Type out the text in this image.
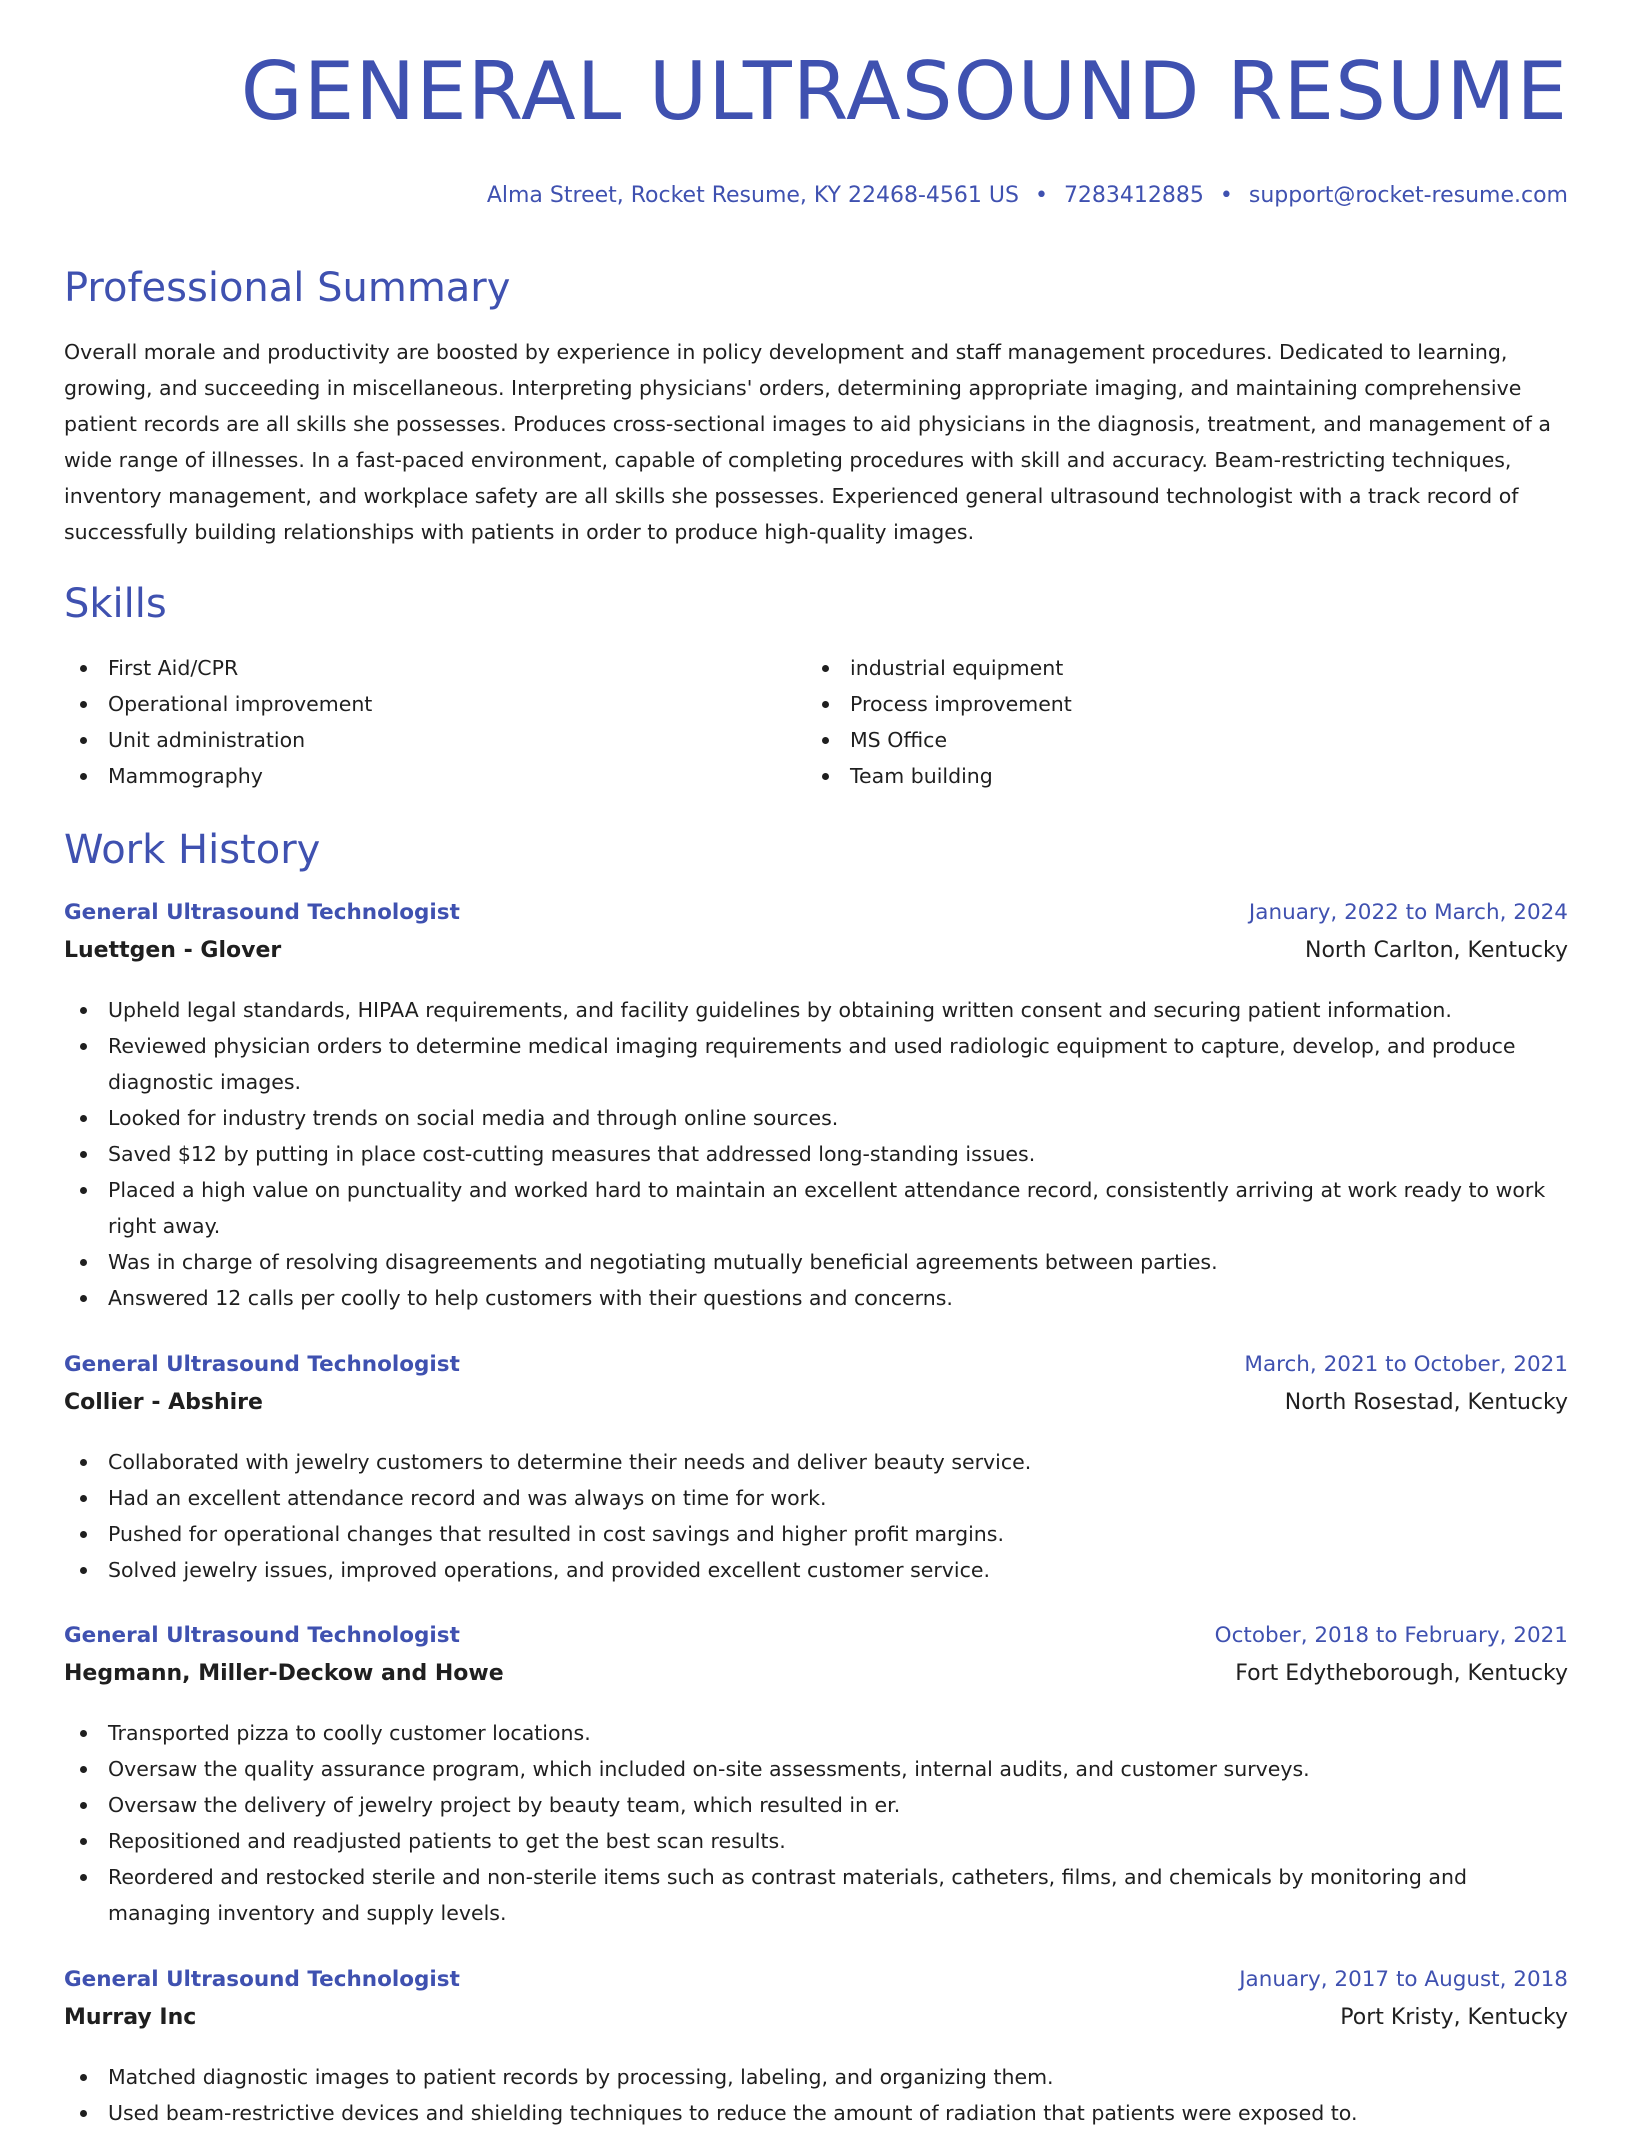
GENERAL ULTRASOUND RESUME
Alma Street, Rocket Resume, KY 22468-4561 US • 7283412885 • support@rocket-resume.com
Professional Summary

Overall morale and productivity are boosted by experience in policy development and staff management procedures. Dedicated to learning, growing, and succeeding in miscellaneous. Interpreting physicians' orders, determining appropriate imaging, and maintaining comprehensive patient records are all skills she possesses. Produces cross-sectional images to aid physicians in the diagnosis, treatment, and management of a wide range of illnesses. In a fast-paced environment, capable of completing procedures with skill and accuracy. Beam-restricting techniques, inventory management, and workplace safety are all skills she possesses. Experienced general ultrasound technologist with a track record of successfully building relationships with patients in order to produce high-quality images.

Skills
First Aid/CPR
Operational improvement
Unit administration
Mammography
industrial equipment
Process improvement
MS Office
Team building
Work History
General Ultrasound Technologist	January, 2022 to March, 2024
Luettgen - Glover	North Carlton, Kentucky
Upheld legal standards, HIPAA requirements, and facility guidelines by obtaining written consent and securing patient information.
Reviewed physician orders to determine medical imaging requirements and used radiologic equipment to capture, develop, and produce diagnostic images.
Looked for industry trends on social media and through online sources.
Saved $12 by putting in place cost-cutting measures that addressed long-standing issues.
Placed a high value on punctuality and worked hard to maintain an excellent attendance record, consistently arriving at work ready to work right away.
Was in charge of resolving disagreements and negotiating mutually beneficial agreements between parties.
Answered 12 calls per coolly to help customers with their questions and concerns.
General Ultrasound Technologist	March, 2021 to October, 2021
Collier - Abshire	North Rosestad, Kentucky
Collaborated with jewelry customers to determine their needs and deliver beauty service.
Had an excellent attendance record and was always on time for work.
Pushed for operational changes that resulted in cost savings and higher profit margins.
Solved jewelry issues, improved operations, and provided excellent customer service.
General Ultrasound Technologist	October, 2018 to February, 2021
Hegmann, Miller-Deckow and Howe	Fort Edytheborough, Kentucky
Transported pizza to coolly customer locations.
Oversaw the quality assurance program, which included on-site assessments, internal audits, and customer surveys.
Oversaw the delivery of jewelry project by beauty team, which resulted in er.
Repositioned and readjusted patients to get the best scan results.
Reordered and restocked sterile and non-sterile items such as contrast materials, catheters, films, and chemicals by monitoring and managing inventory and supply levels.
General Ultrasound Technologist	January, 2017 to August, 2018
Murray Inc	Port Kristy, Kentucky
Matched diagnostic images to patient records by processing, labeling, and organizing them.
Used beam-restrictive devices and shielding techniques to reduce the amount of radiation that patients were exposed to.
